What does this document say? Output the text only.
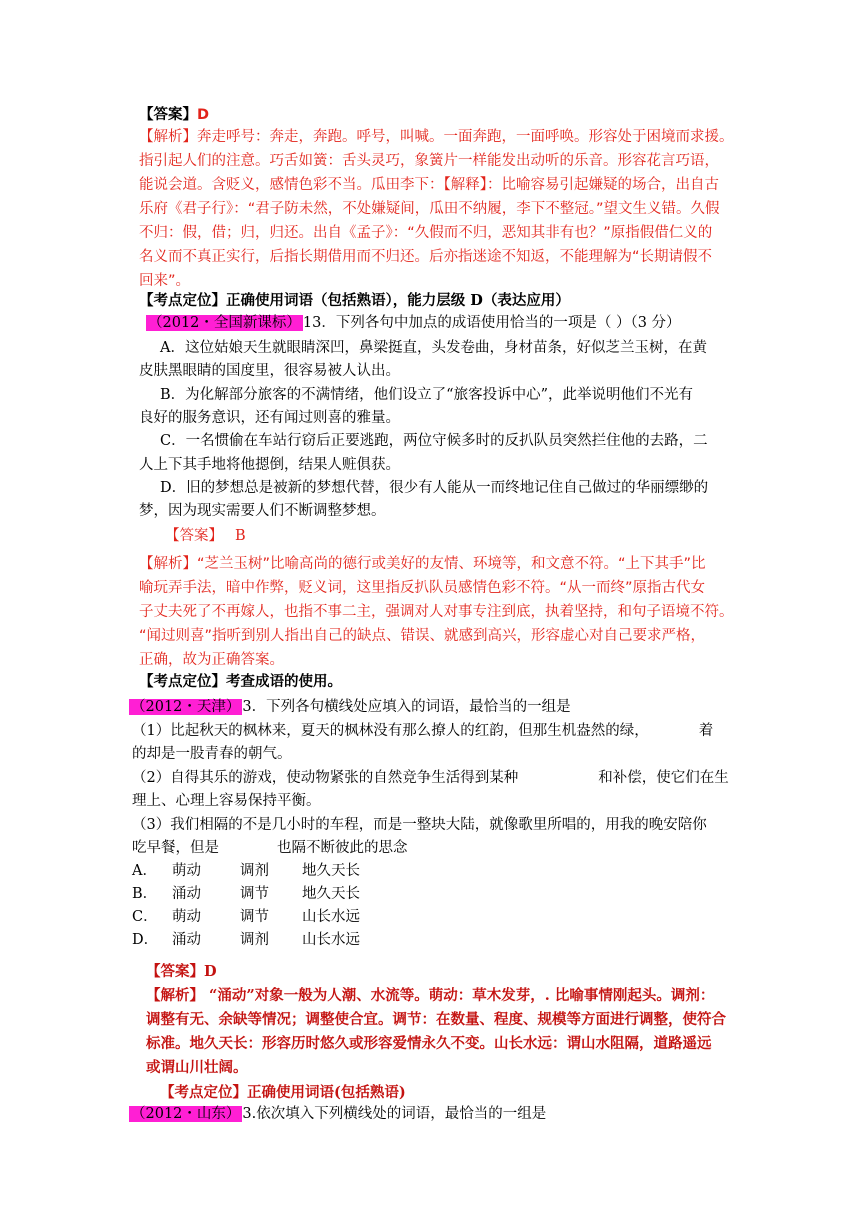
【答案】D
【解析】奔走呼号：奔走，奔跑。呼号，叫喊。一面奔跑，一面呼唤。形容处于困境而求援。
指引起人们的注意。巧舌如簧：舌头灵巧，象簧片一样能发出动听的乐音。形容花言巧语，
能说会道。含贬义，感情色彩不当。瓜田李下：【解释】：比喻容易引起嫌疑的场合，出自古
乐府《君子行》：“君子防未然，不处嫌疑间，瓜田不纳履，李下不整冠。”望文生义错。久假
不归：假，借；归，归还。出自《孟子》：“久假而不归，恶知其非有也？”原指假借仁义的
名义而不真正实行，后指长期借用而不归还。后亦指迷途不知返，不能理解为“长期请假不
回来”。
【考点定位】正确使用词语（包括熟语），能力层级 D（表达应用）
（2012・全国新课标） 13．下列各句中加点的成语使用恰当的一项是（ ）（3 分）
A．这位姑娘天生就眼睛深凹，鼻梁挺直，头发卷曲，身材苗条，好似芝兰玉树，在黄
皮肤黑眼睛的国度里，很容易被人认出。
B．为化解部分旅客的不满情绪，他们设立了“旅客投诉中心”，此举说明他们不光有
良好的服务意识，还有闻过则喜的雅量。
C．一名惯偷在车站行窃后正要逃跑，两位守候多时的反扒队员突然拦住他的去路，二
人上下其手地将他摁倒，结果人赃俱获。
D．旧的梦想总是被新的梦想代替，很少有人能从一而终地记住自己做过的华丽缥缈的
梦，因为现实需要人们不断调整梦想。
【答案】 B
【解析】“芝兰玉树”比喻高尚的德行或美好的友情、环境等，和文意不符。“上下其手”比
喻玩弄手法，暗中作弊，贬义词，这里指反扒队员感情色彩不符。“从一而终”原指古代女
子丈夫死了不再嫁人，也指不事二主，强调对人对事专注到底，执着坚持，和句子语境不符。
“闻过则喜”指听到别人指出自己的缺点、错误、就感到高兴，形容虚心对自己要求严格，
正确，故为正确答案。
【考点定位】考查成语的使用。
（2012・天津） 3．下列各句横线处应填入的词语，最恰当的一组是
（1）比起秋天的枫林来，夏天的枫林没有那么撩人的红韵，但那生机盎然的绿，	着
的却是一股青春的朝气。
（2）自得其乐的游戏，使动物紧张的自然竞争生活得到某种	和补偿，使它们在生
理上、心理上容易保持平衡。
（3）我们相隔的不是几小时的车程，而是一整块大陆，就像歌里所唱的，用我的晚安陪你
吃早餐，但是	也隔不断彼此的思念
A． 萌动	调剂 地久天长
B． 涌动	调节 地久天长
C． 萌动	调节 山长水远
D． 涌动	调剂 山长水远
【答案】D
【解析】 “涌动”对象一般为人潮、水流等。萌动：草木发芽，. 比喻事情刚起头。调剂：
调整有无、余缺等情况；调整使合宜。调节：在数量、程度、规模等方面进行调整，使符合
标准。地久天长：形容历时悠久或形容爱情永久不变。山长水远：谓山水阻隔，道路遥远
或谓山川壮阔。
【考点定位】正确使用词语(包括熟语)
（2012・山东） 3.依次填入下列横线处的词语，最恰当的一组是
